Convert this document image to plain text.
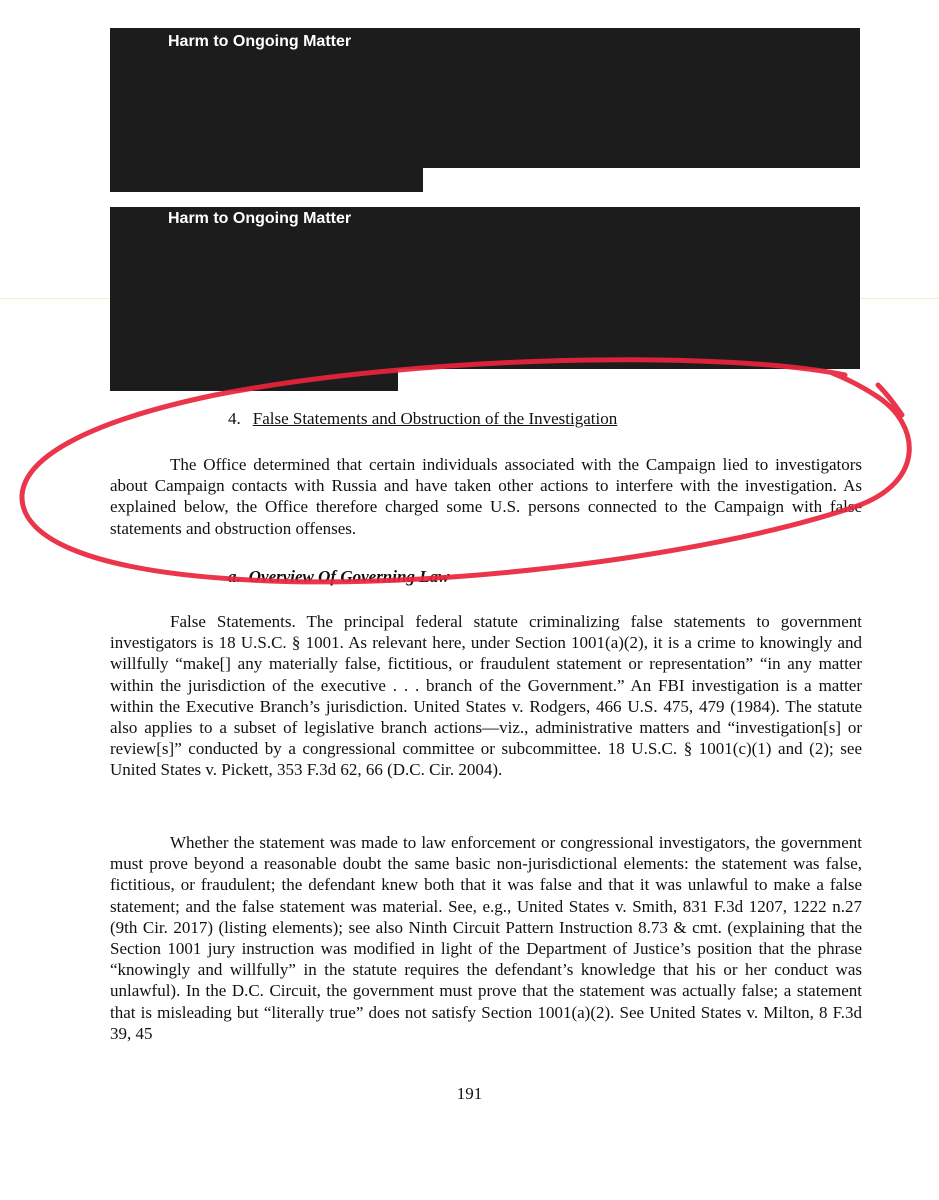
Harm to Ongoing Matter
Harm to Ongoing Matter
4. False Statements and Obstruction of the Investigation

The Office determined that certain individuals associated with the Campaign lied to investigators about Campaign contacts with Russia and have taken other actions to interfere with the investigation. As explained below, the Office therefore charged some U.S. persons connected to the Campaign with false statements and obstruction offenses.

a. Overview Of Governing Law

False Statements. The principal federal statute criminalizing false statements to government investigators is 18 U.S.C. § 1001. As relevant here, under Section 1001(a)(2), it is a crime to knowingly and willfully “make[] any materially false, fictitious, or fraudulent statement or representation” “in any matter within the jurisdiction of the executive . . . branch of the Government.” An FBI investigation is a matter within the Executive Branch’s jurisdiction. United States v. Rodgers, 466 U.S. 475, 479 (1984). The statute also applies to a subset of legislative branch actions—viz., administrative matters and “investigation[s] or review[s]” conducted by a congressional committee or subcommittee. 18 U.S.C. § 1001(c)(1) and (2); see United States v. Pickett, 353 F.3d 62, 66 (D.C. Cir. 2004).

Whether the statement was made to law enforcement or congressional investigators, the government must prove beyond a reasonable doubt the same basic non-jurisdictional elements: the statement was false, fictitious, or fraudulent; the defendant knew both that it was false and that it was unlawful to make a false statement; and the false statement was material. See, e.g., United States v. Smith, 831 F.3d 1207, 1222 n.27 (9th Cir. 2017) (listing elements); see also Ninth Circuit Pattern Instruction 8.73 & cmt. (explaining that the Section 1001 jury instruction was modified in light of the Department of Justice’s position that the phrase “knowingly and willfully” in the statute requires the defendant’s knowledge that his or her conduct was unlawful). In the D.C. Circuit, the government must prove that the statement was actually false; a statement that is misleading but “literally true” does not satisfy Section 1001(a)(2). See United States v. Milton, 8 F.3d 39, 45

191
